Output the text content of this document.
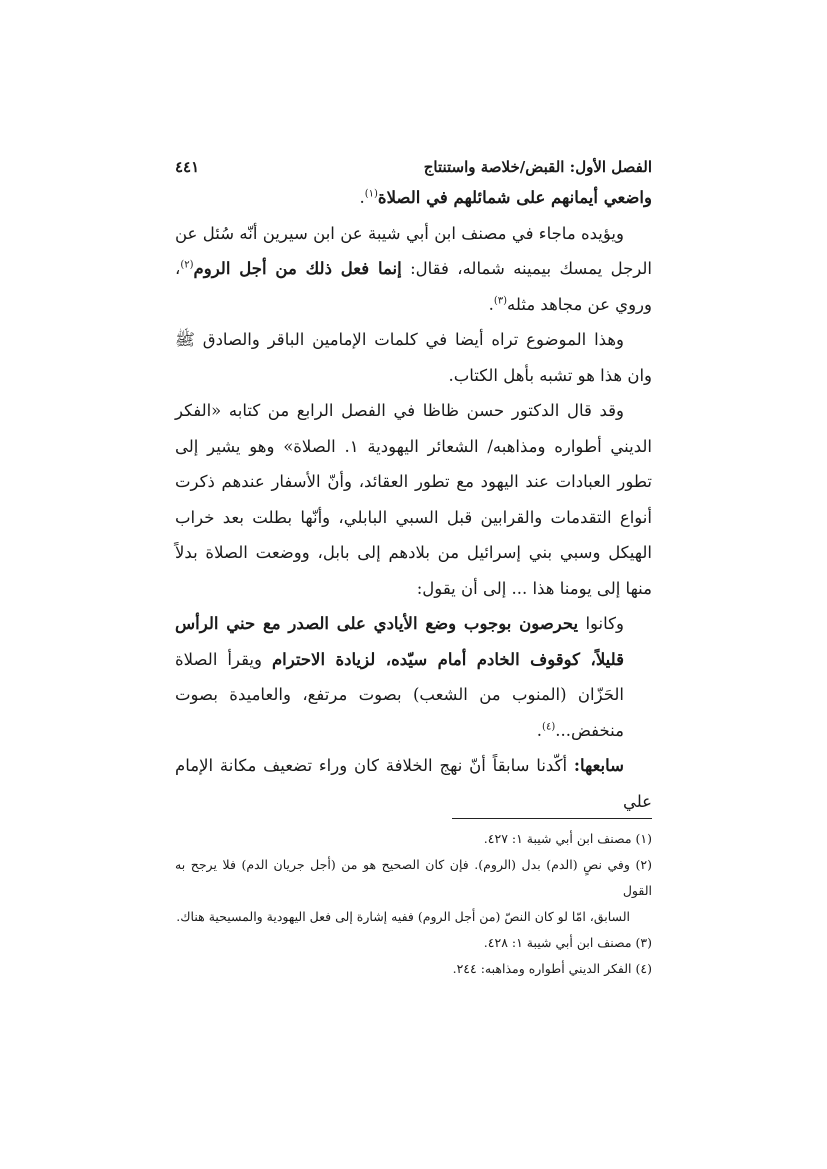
الفصل الأول: القبض/خلاصة واستنتاج
٤٤١

واضعي أيمانهم على شمائلهم في الصلاة$^{(١)}$.

ويؤيده ماجاء في مصنف ابن أبي شيبة عن ابن سيرين أنّه سُئل عن الرجل يمسك بيمينه شماله، فقال: إنما فعل ذلك من أجل الروم$^{(٢)}$، وروي عن مجاهد مثله$^{(٣)}$.

وهذا الموضوع تراه أيضا في كلمات الإمامين الباقر والصادق ﷺ وان هذا هو تشبه بأهل الكتاب.

وقد قال الدكتور حسن ظاظا في الفصل الرابع من كتابه «الفكر الديني أطواره ومذاهبه/ الشعائر اليهودية ١. الصلاة» وهو يشير إلى تطور العبادات عند اليهود مع تطور العقائد، وأنّ الأسفار عندهم ذكرت أنواع التقدمات والقرابين قبل السبي البابلي، وأنّها بطلت بعد خراب الهيكل وسبي بني إسرائيل من بلادهم إلى بابل، ووضعت الصلاة بدلاً منها إلى يومنا هذا ... إلى أن يقول:

وكانوا يحرصون بوجوب وضع الأيادي على الصدر مع حني الرأس قليلاً، كوقوف الخادم أمام سيّده، لزيادة الاحترام ويقرأ الصلاة الحَزّان (المنوب من الشعب) بصوت مرتفع، والعاميدة بصوت منخفض...$^{(٤)}$.

سابعها: أكّدنا سابقاً أنّ نهج الخلافة كان وراء تضعيف مكانة الإمام علي

(١) مصنف ابن أبي شيبة ١: ٤٢٧.

(٢) وفي نصٍ (الدم) بدل (الروم). فإن كان الصحيح هو من (أجل جريان الدم) فلا يرجح به القول

السابق، امّا لو كان النصّ (من أجل الروم) ففيه إشارة إلى فعل اليهودية والمسيحية هناك.

(٣) مصنف ابن أبي شيبة ١: ٤٢٨.

(٤) الفكر الديني أطواره ومذاهبه: ٢٤٤.
